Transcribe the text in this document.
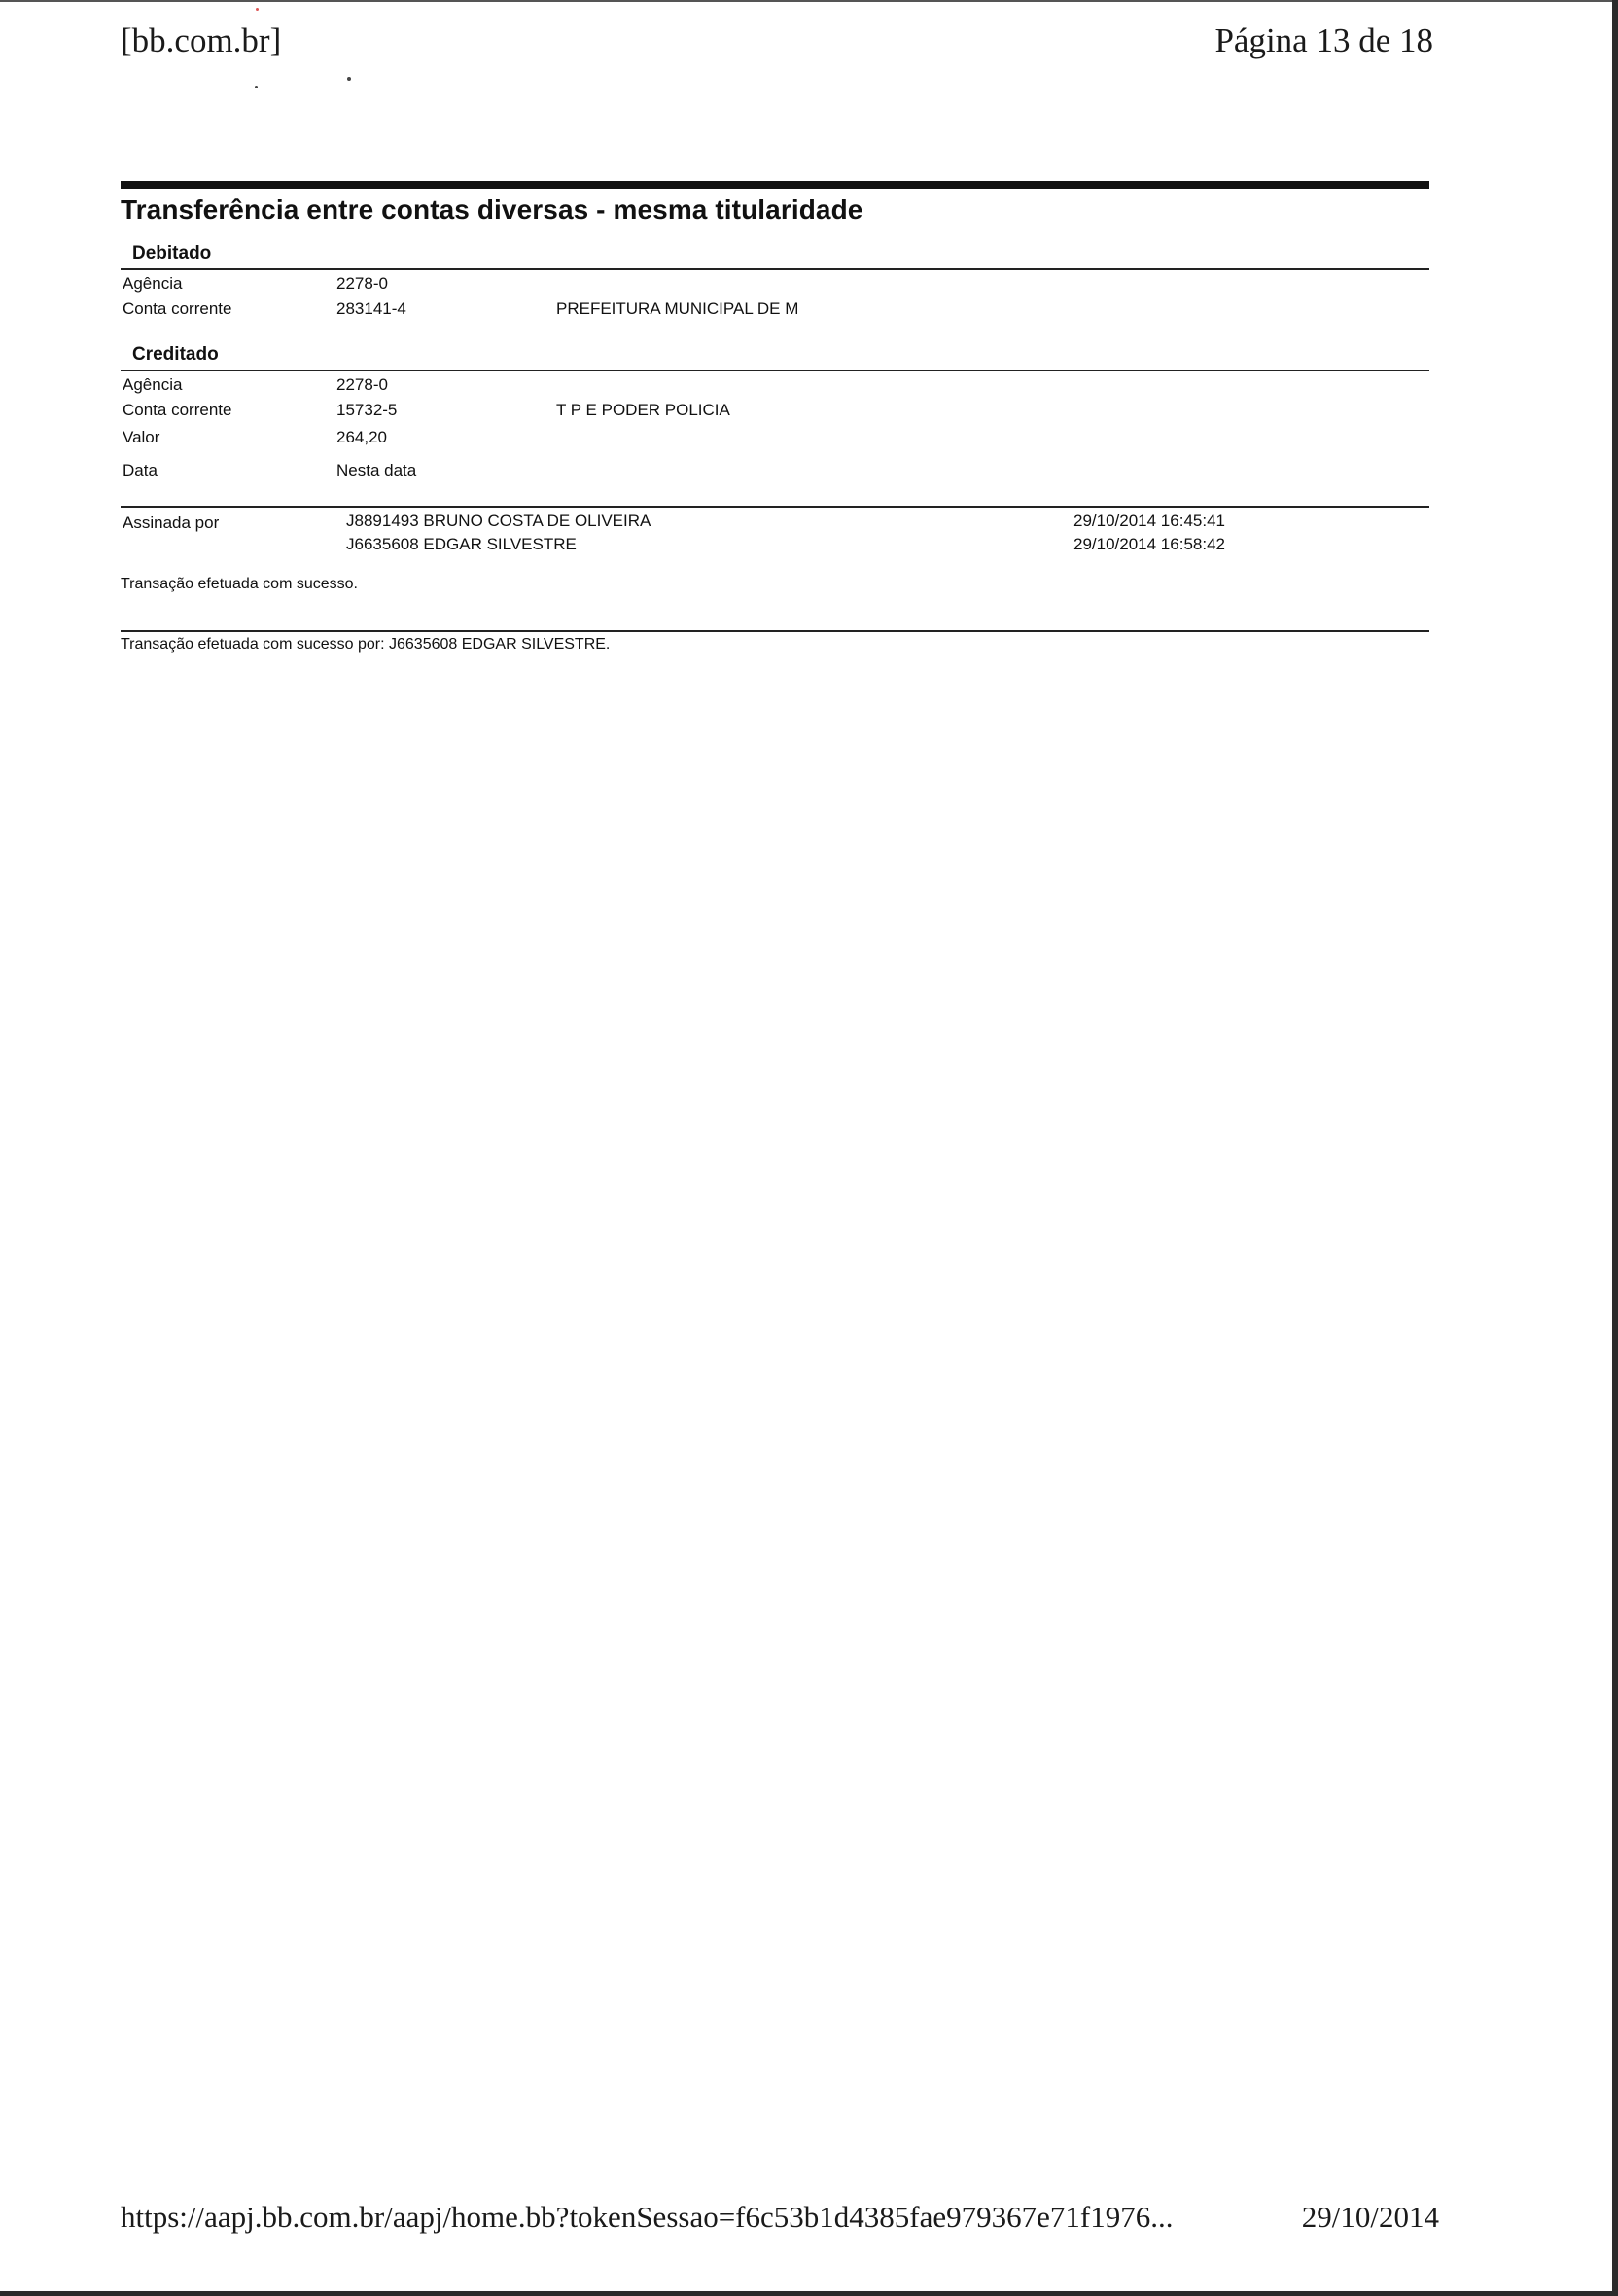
[bb.com.br]	Página 13 de 18
Transferência entre contas diversas - mesma titularidade
Debitado
Agência	2278-0
Conta corrente	283141-4	PREFEITURA MUNICIPAL DE M
Creditado
Agência	2278-0
Conta corrente	15732-5	T P E PODER POLICIA
Valor	264,20
Data	Nesta data
Assinada por	J8891493 BRUNO COSTA DE OLIVEIRA	29/10/2014 16:45:41
J6635608 EDGAR SILVESTRE	29/10/2014 16:58:42
Transação efetuada com sucesso.
Transação efetuada com sucesso por: J6635608 EDGAR SILVESTRE.
https://aapj.bb.com.br/aapj/home.bb?tokenSessao=f6c53b1d4385fae979367e71f1976...	29/10/2014
